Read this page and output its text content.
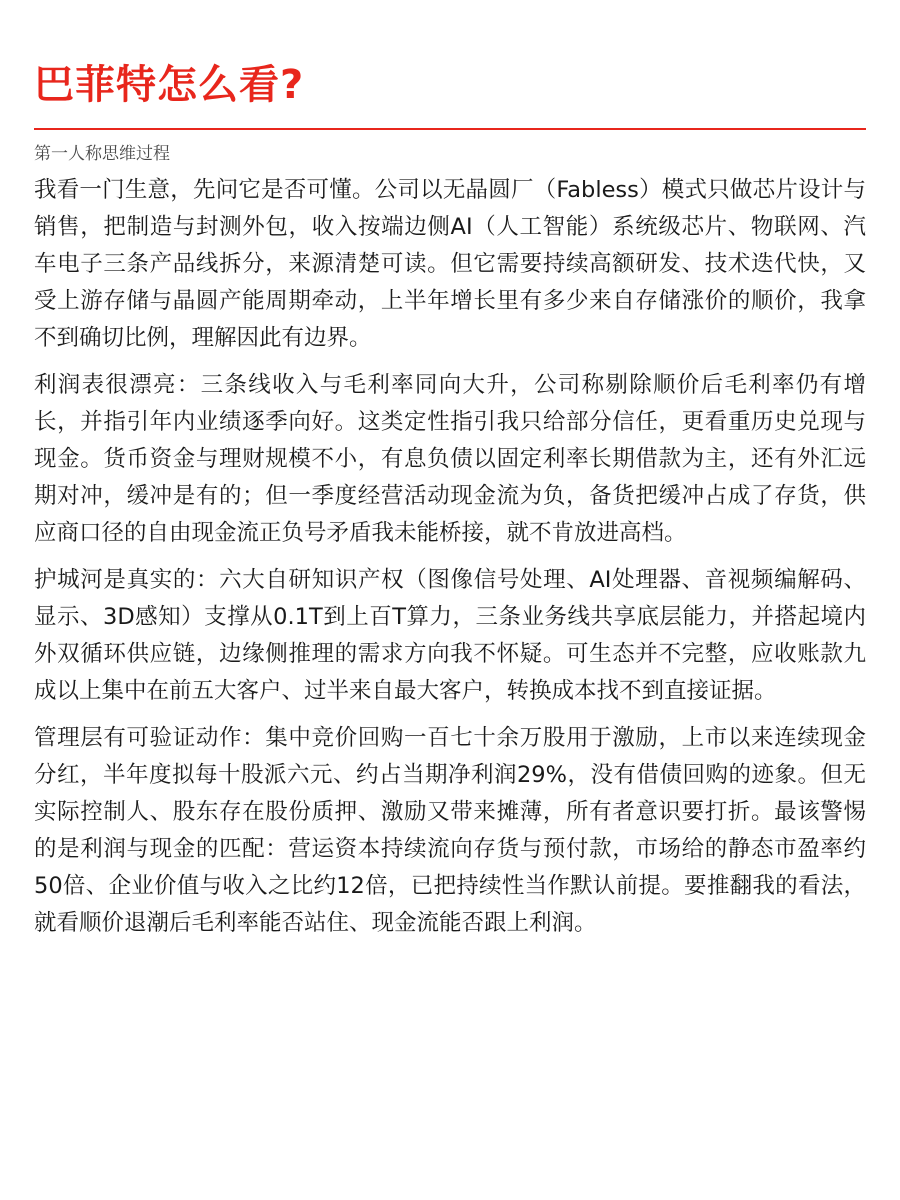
巴菲特怎么看?
第一人称思维过程

我看一门生意，先问它是否可懂。公司以无晶圆厂（Fabless）模式只做芯片设计与销售，把制造与封测外包，收入按端边侧AI（人工智能）系统级芯片、物联网、汽车电子三条产品线拆分，来源清楚可读。但它需要持续高额研发、技术迭代快，又受上游存储与晶圆产能周期牵动，上半年增长里有多少来自存储涨价的顺价，我拿不到确切比例，理解因此有边界。

利润表很漂亮：三条线收入与毛利率同向大升，公司称剔除顺价后毛利率仍有增长，并指引年内业绩逐季向好。这类定性指引我只给部分信任，更看重历史兑现与现金。货币资金与理财规模不小，有息负债以固定利率长期借款为主，还有外汇远期对冲，缓冲是有的；但一季度经营活动现金流为负，备货把缓冲占成了存货，供应商口径的自由现金流正负号矛盾我未能桥接，就不肯放进高档。

护城河是真实的：六大自研知识产权（图像信号处理、AI处理器、音视频编解码、显示、3D感知）支撑从0.1T到上百T算力，三条业务线共享底层能力，并搭起境内外双循环供应链，边缘侧推理的需求方向我不怀疑。可生态并不完整，应收账款九成以上集中在前五大客户、过半来自最大客户，转换成本找不到直接证据。

管理层有可验证动作：集中竞价回购一百七十余万股用于激励，上市以来连续现金分红，半年度拟每十股派六元、约占当期净利润29%，没有借债回购的迹象。但无实际控制人、股东存在股份质押、激励又带来摊薄，所有者意识要打折。最该警惕的是利润与现金的匹配：营运资本持续流向存货与预付款，市场给的静态市盈率约50倍、企业价值与收入之比约12倍，已把持续性当作默认前提。要推翻我的看法，就看顺价退潮后毛利率能否站住、现金流能否跟上利润。
